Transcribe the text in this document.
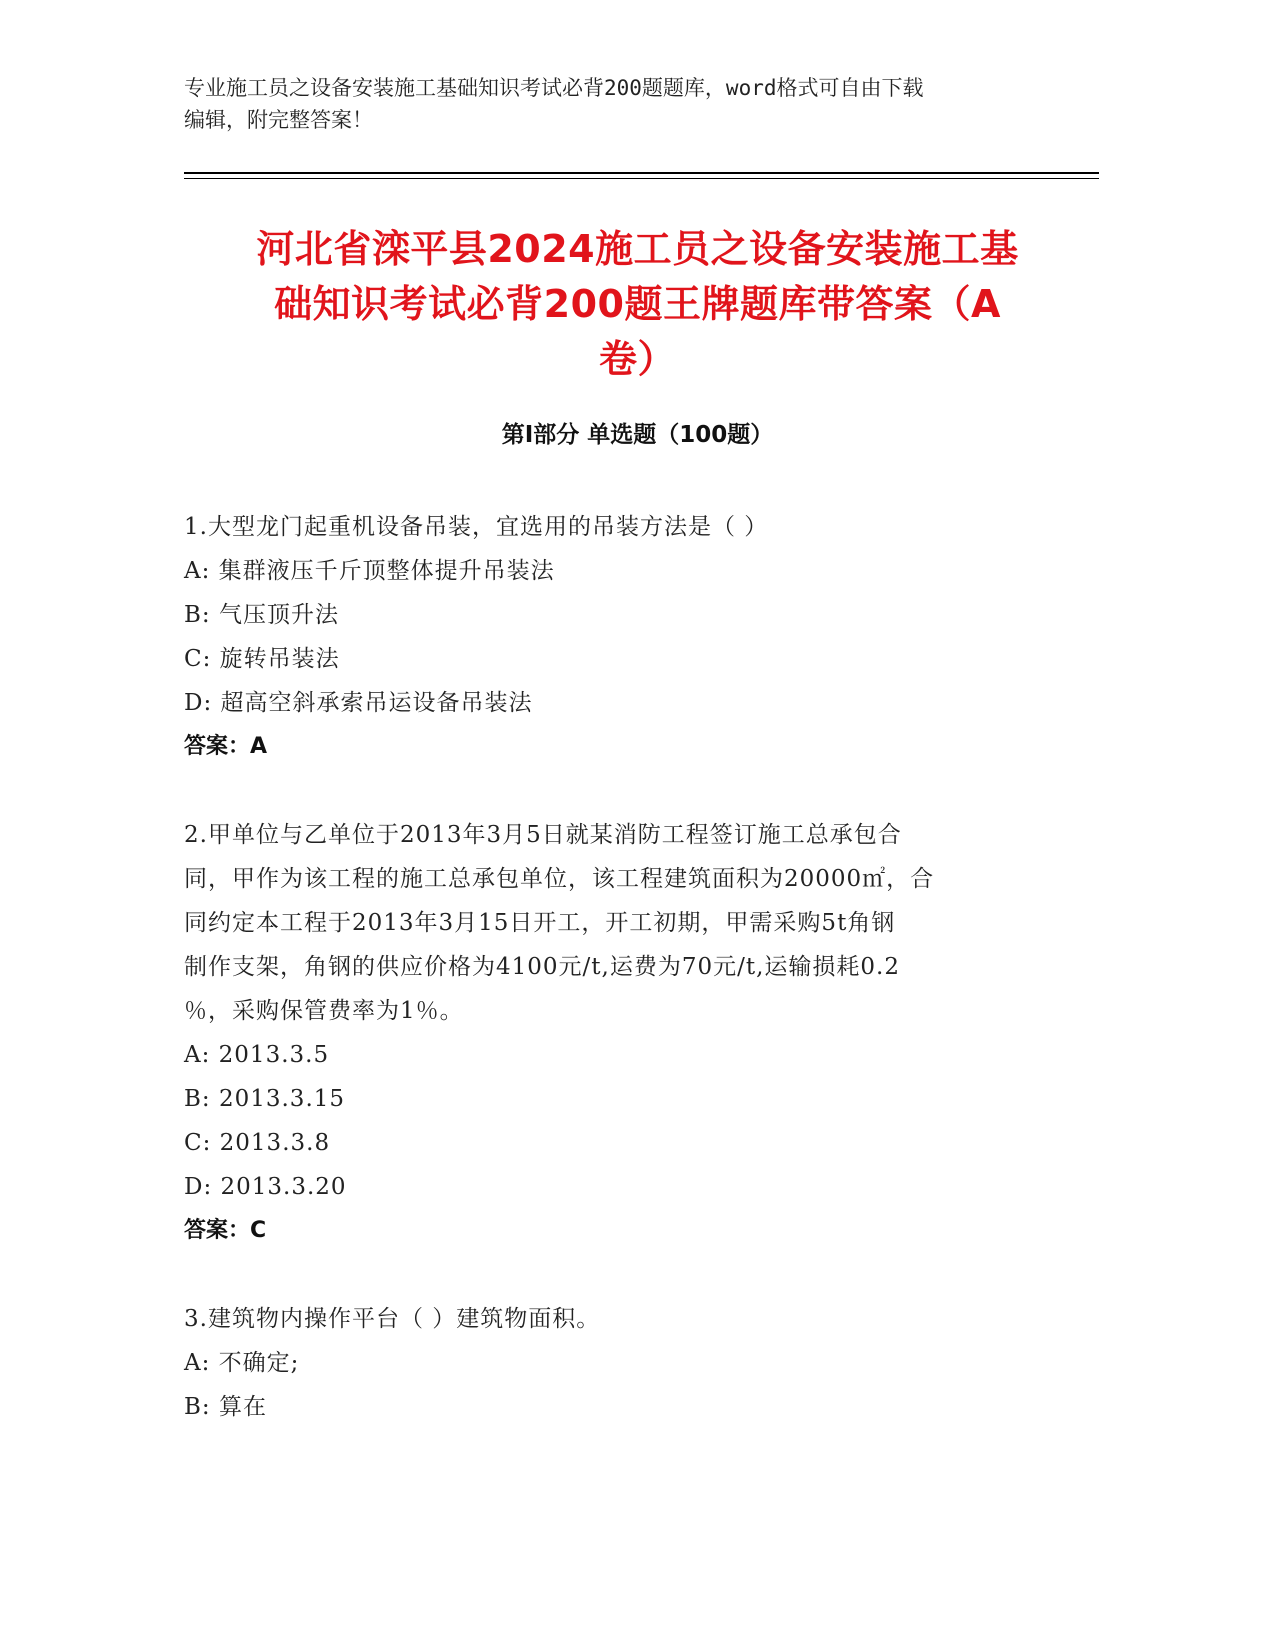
专业施工员之设备安装施工基础知识考试必背200题题库，word格式可自由下载
编辑，附完整答案！
河北省滦平县2024施工员之设备安装施工基
础知识考试必背200题王牌题库带答案（A
卷）
第I部分 单选题（100题）
1.大型龙门起重机设备吊装，宜选用的吊装方法是（ ）
A: 集群液压千斤顶整体提升吊装法
B: 气压顶升法
C: 旋转吊装法
D: 超高空斜承索吊运设备吊装法
答案：A
2.甲单位与乙单位于2013年3月5日就某消防工程签订施工总承包合
同，甲作为该工程的施工总承包单位，该工程建筑面积为20000㎡，合
同约定本工程于2013年3月15日开工，开工初期，甲需采购5t角钢
制作支架，角钢的供应价格为4100元/t,运费为70元/t,运输损耗0.2
％，采购保管费率为1％。
A: 2013.3.5
B: 2013.3.15
C: 2013.3.8
D: 2013.3.20
答案：C
3.建筑物内操作平台（ ）建筑物面积。
A: 不确定;
B: 算在
